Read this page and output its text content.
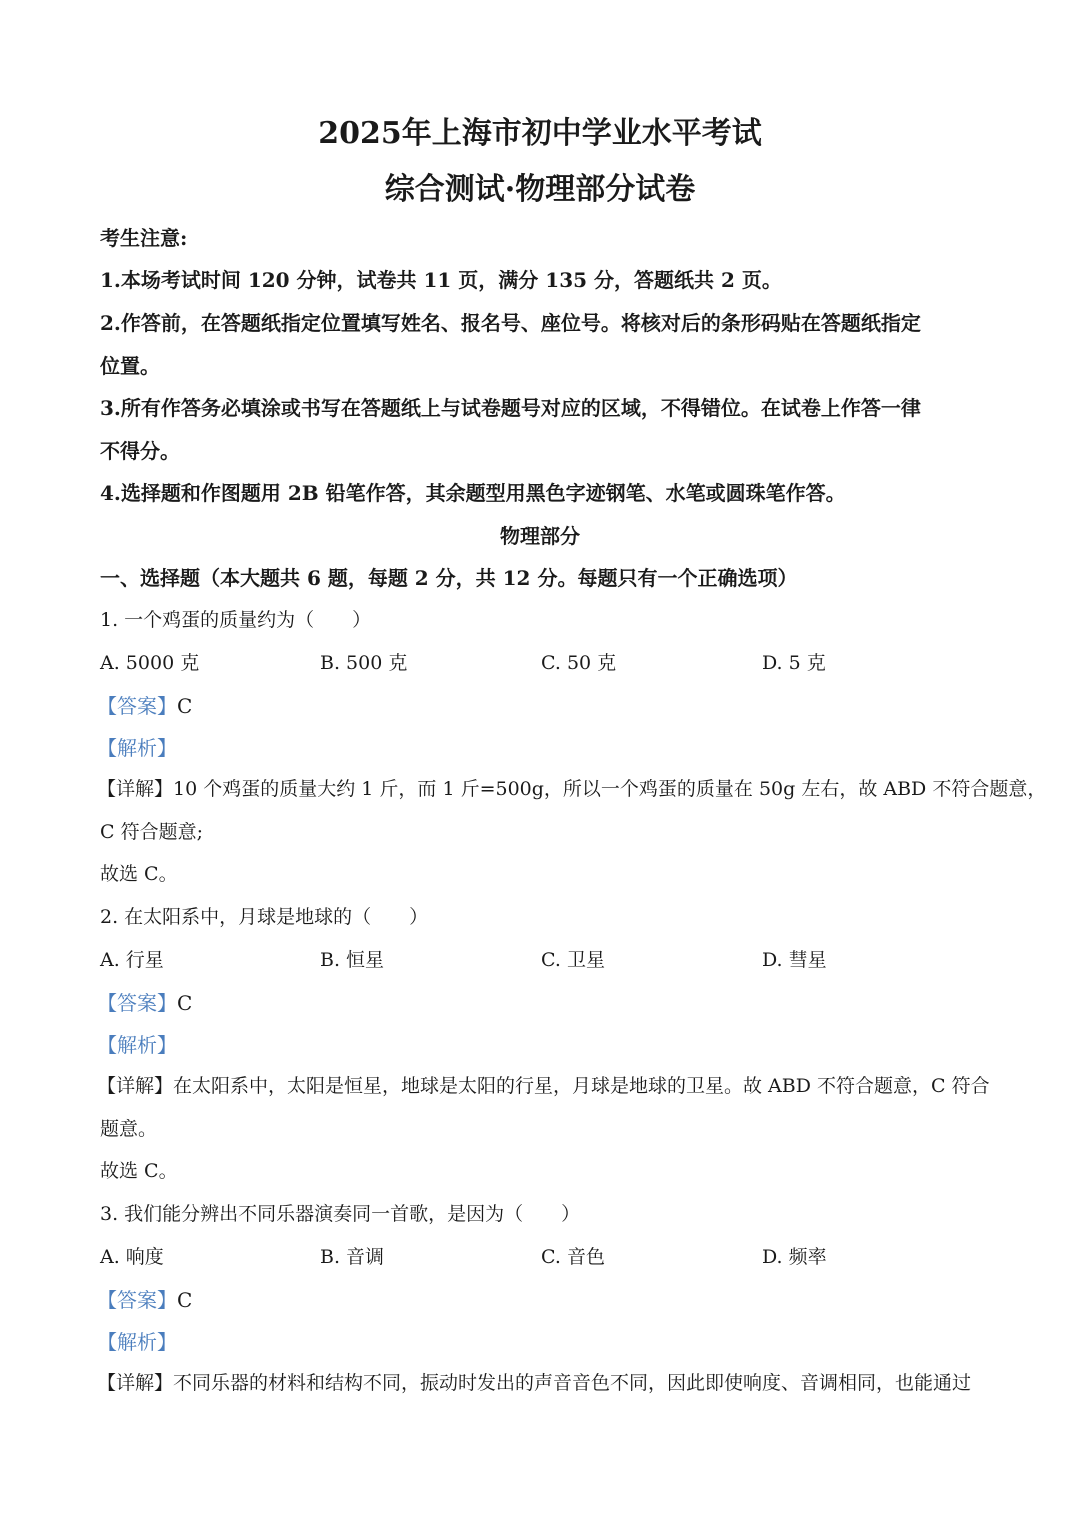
2025年上海市初中学业水平考试
综合测试·物理部分试卷
考生注意:
1.本场考试时间 120 分钟，试卷共 11 页，满分 135 分，答题纸共 2 页。
2.作答前，在答题纸指定位置填写姓名、报名号、座位号。将核对后的条形码贴在答题纸指定
位置。
3.所有作答务必填涂或书写在答题纸上与试卷题号对应的区域，不得错位。在试卷上作答一律
不得分。
4.选择题和作图题用 2B 铅笔作答，其余题型用黑色字迹钢笔、水笔或圆珠笔作答。
物理部分
一、选择题（本大题共 6 题，每题 2 分，共 12 分。每题只有一个正确选项）
1. 一个鸡蛋的质量约为（　　）
A. 5000 克	B. 500 克	C. 50 克	D. 5 克
【答案】C
【解析】
【详解】10 个鸡蛋的质量大约 1 斤，而 1 斤=500g，所以一个鸡蛋的质量在 50g 左右，故 ABD 不符合题意，
C 符合题意;
故选 C。
2. 在太阳系中，月球是地球的（　　）
A. 行星	B. 恒星	C. 卫星	D. 彗星
【答案】C
【解析】
【详解】在太阳系中，太阳是恒星，地球是太阳的行星，月球是地球的卫星。故 ABD 不符合题意，C 符合
题意。
故选 C。
3. 我们能分辨出不同乐器演奏同一首歌，是因为（　　）
A. 响度	B. 音调	C. 音色	D. 频率
【答案】C
【解析】
【详解】不同乐器的材料和结构不同，振动时发出的声音音色不同，因此即使响度、音调相同，也能通过
